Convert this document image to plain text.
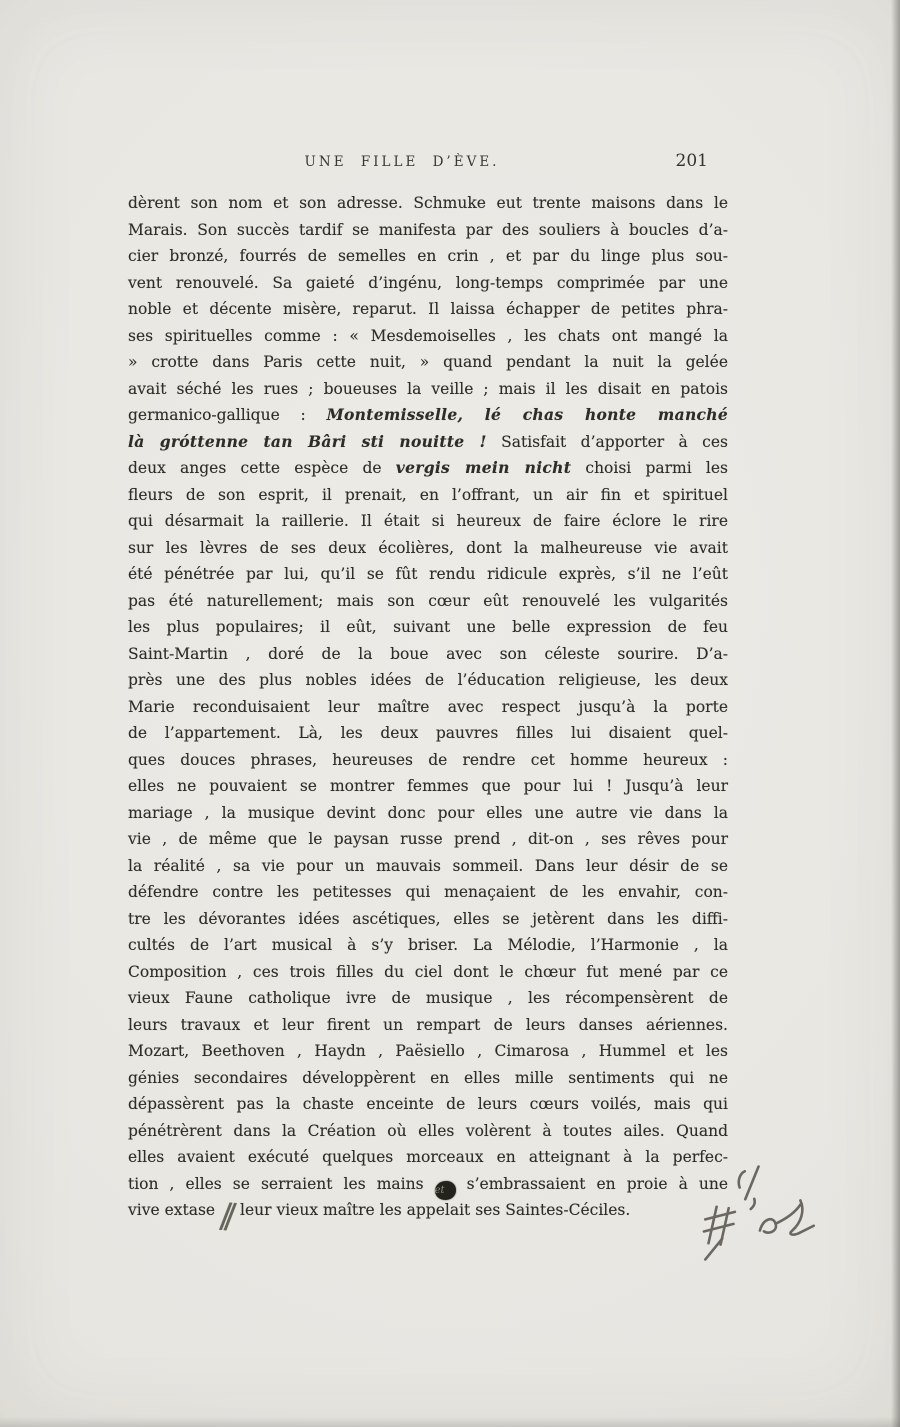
UNE FILLE D’ÈVE.	201
dèrent son nom et son adresse. Schmuke eut trente maisons dans le
Marais. Son succès tardif se manifesta par des souliers à boucles d’a-
cier bronzé, fourrés de semelles en crin , et par du linge plus sou-
vent renouvelé. Sa gaieté d’ingénu, long-temps comprimée par une
noble et décente misère, reparut. Il laissa échapper de petites phra-
ses spirituelles comme : « Mesdemoiselles , les chats ont mangé la
» crotte dans Paris cette nuit, » quand pendant la nuit la gelée
avait séché les rues ; boueuses la veille ; mais il les disait en patois
germanico-gallique : Montemisselle, lé chas honte manché
là gróttenne tan Bâri sti nouitte ! Satisfait d’apporter à ces
deux anges cette espèce de vergis mein nicht choisi parmi les
fleurs de son esprit, il prenait, en l’offrant, un air fin et spirituel
qui désarmait la raillerie. Il était si heureux de faire éclore le rire
sur les lèvres de ses deux écolières, dont la malheureuse vie avait
été pénétrée par lui, qu’il se fût rendu ridicule exprès, s’il ne l’eût
pas été naturellement; mais son cœur eût renouvelé les vulgarités
les plus populaires; il eût, suivant une belle expression de feu
Saint-Martin , doré de la boue avec son céleste sourire. D’a-
près une des plus nobles idées de l’éducation religieuse, les deux
Marie reconduisaient leur maître avec respect jusqu’à la porte
de l’appartement. Là, les deux pauvres filles lui disaient quel-
ques douces phrases, heureuses de rendre cet homme heureux :
elles ne pouvaient se montrer femmes que pour lui ! Jusqu’à leur
mariage , la musique devint donc pour elles une autre vie dans la
vie , de même que le paysan russe prend , dit-on , ses rêves pour
la réalité , sa vie pour un mauvais sommeil. Dans leur désir de se
défendre contre les petitesses qui menaçaient de les envahir, con-
tre les dévorantes idées ascétiques, elles se jetèrent dans les diffi-
cultés de l’art musical à s’y briser. La Mélodie, l’Harmonie , la
Composition , ces trois filles du ciel dont le chœur fut mené par ce
vieux Faune catholique ivre de musique , les récompensèrent de
leurs travaux et leur firent un rempart de leurs danses aériennes.
Mozart, Beethoven , Haydn , Paësiello , Cimarosa , Hummel et les
génies secondaires développèrent en elles mille sentiments qui ne
dépassèrent pas la chaste enceinte de leurs cœurs voilés, mais qui
pénétrèrent dans la Création où elles volèrent à toutes ailes. Quand
elles avaient exécuté quelques morceaux en atteignant à la perfec-
tion , elles se serraient les mains et s’embrassaient en proie à une
vive extase // leur vieux maître les appelait ses Saintes-Céciles.
